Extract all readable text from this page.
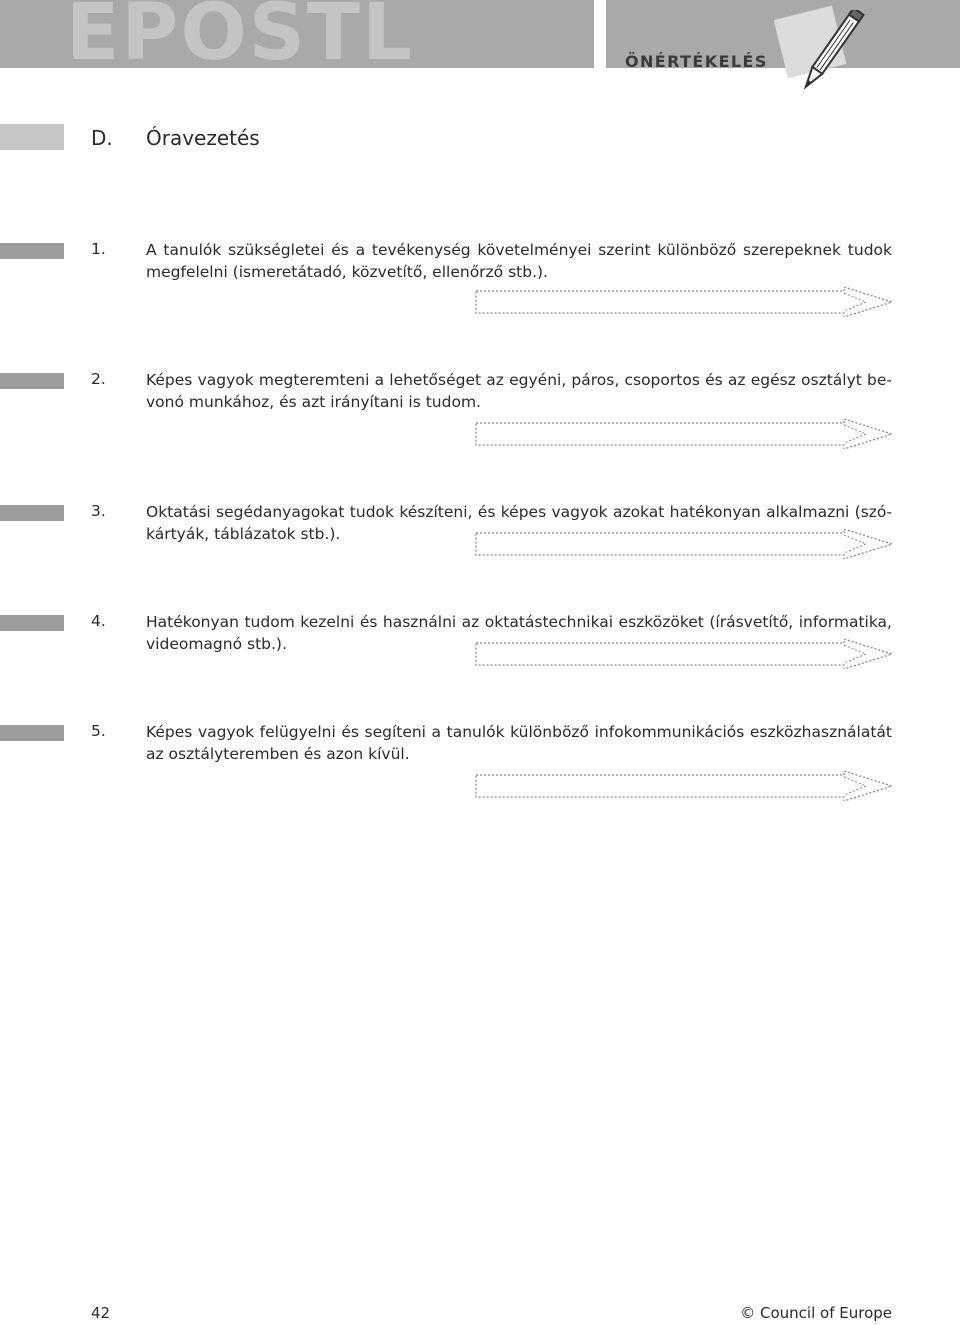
EPOSTL	ÖNÉRTÉKELÉS
D. Óravezetés
1.	A tanulók szükségletei és a tevékenység követelményei szerint különböző szerepeknek tudok megfelelni (ismeretátadó, közvetítő, ellenőrző stb.).
2.	Képes vagyok megteremteni a lehetőséget az egyéni, páros, csoportos és az egész osztályt bevonó munkához, és azt irányítani is tudom.
3.	Oktatási segédanyagokat tudok készíteni, és képes vagyok azokat hatékonyan alkalmazni (szókártyák, táblázatok stb.).
4.	Hatékonyan tudom kezelni és használni az oktatástechnikai eszközöket (írásvetítő, informatika, videomagnó stb.).
5.	Képes vagyok felügyelni és segíteni a tanulók különböző infokommunikációs eszközhasználatát az osztályteremben és azon kívül.
42	© Council of Europe
